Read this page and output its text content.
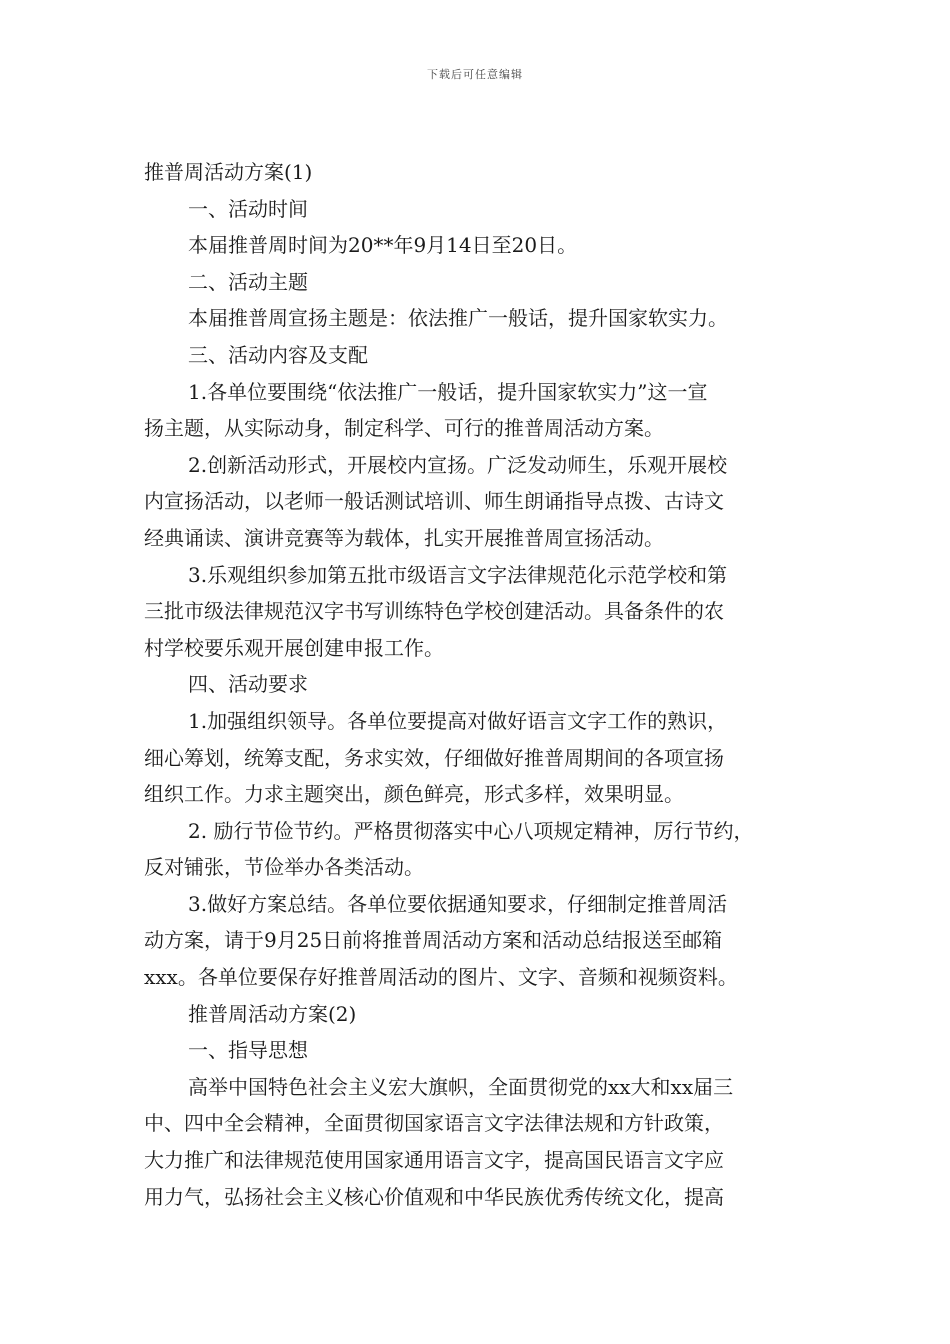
下载后可任意编辑
推普周活动方案(1)
一、活动时间
本届推普周时间为20**年9月14日至20日。
二、活动主题
本届推普周宣扬主题是：依法推广一般话，提升国家软实力。
三、活动内容及支配
1.各单位要围绕“依法推广一般话，提升国家软实力”这一宣
扬主题，从实际动身，制定科学、可行的推普周活动方案。
2.创新活动形式，开展校内宣扬。广泛发动师生，乐观开展校
内宣扬活动，以老师一般话测试培训、师生朗诵指导点拨、古诗文
经典诵读、演讲竞赛等为载体，扎实开展推普周宣扬活动。
3.乐观组织参加第五批市级语言文字法律规范化示范学校和第
三批市级法律规范汉字书写训练特色学校创建活动。具备条件的农
村学校要乐观开展创建申报工作。
四、活动要求
1.加强组织领导。各单位要提高对做好语言文字工作的熟识，
细心筹划，统筹支配，务求实效，仔细做好推普周期间的各项宣扬
组织工作。力求主题突出，颜色鲜亮，形式多样，效果明显。
2. 励行节俭节约。严格贯彻落实中心八项规定精神，厉行节约，
反对铺张，节俭举办各类活动。
3.做好方案总结。各单位要依据通知要求，仔细制定推普周活
动方案，请于9月25日前将推普周活动方案和活动总结报送至邮箱
xxx。各单位要保存好推普周活动的图片、文字、音频和视频资料。
推普周活动方案(2)
一、指导思想
高举中国特色社会主义宏大旗帜，全面贯彻党的xx大和xx届三
中、四中全会精神，全面贯彻国家语言文字法律法规和方针政策，
大力推广和法律规范使用国家通用语言文字，提高国民语言文字应
用力气，弘扬社会主义核心价值观和中华民族优秀传统文化，提高
